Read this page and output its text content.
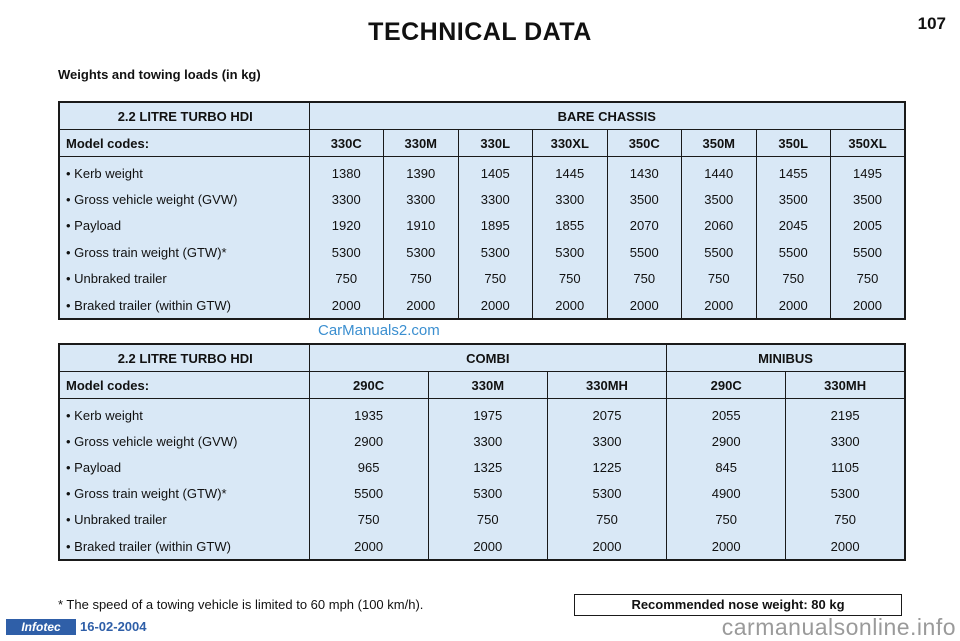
TECHNICAL DATA	107
Weights and towing loads (in kg)
2.2 LITRE TURBO HDI	BARE CHASSIS							
Model codes:	330C	330M	330L	330XL	350C	350M	350L	350XL
• Kerb weight	1380	1390	1405	1445	1430	1440	1455	1495
• Gross vehicle weight (GVW)	3300	3300	3300	3300	3500	3500	3500	3500
• Payload	1920	1910	1895	1855	2070	2060	2045	2005
• Gross train weight (GTW)*	5300	5300	5300	5300	5500	5500	5500	5500
• Unbraked trailer	750	750	750	750	750	750	750	750
• Braked trailer (within GTW)	2000	2000	2000	2000	2000	2000	2000	2000
CarManuals2.com
2.2 LITRE TURBO HDI	COMBI			MINIBUS	
Model codes:	290C	330M	330MH	290C	330MH
• Kerb weight	1935	1975	2075	2055	2195
• Gross vehicle weight (GVW)	2900	3300	3300	2900	3300
• Payload	965	1325	1225	845	1105
• Gross train weight (GTW)*	5500	5300	5300	4900	5300
• Unbraked trailer	750	750	750	750	750
• Braked trailer (within GTW)	2000	2000	2000	2000	2000
* The speed of a towing vehicle is limited to 60 mph (100 km/h).	Recommended nose weight: 80 kg
Infotec	16-02-2004	carmanualsonline.info
